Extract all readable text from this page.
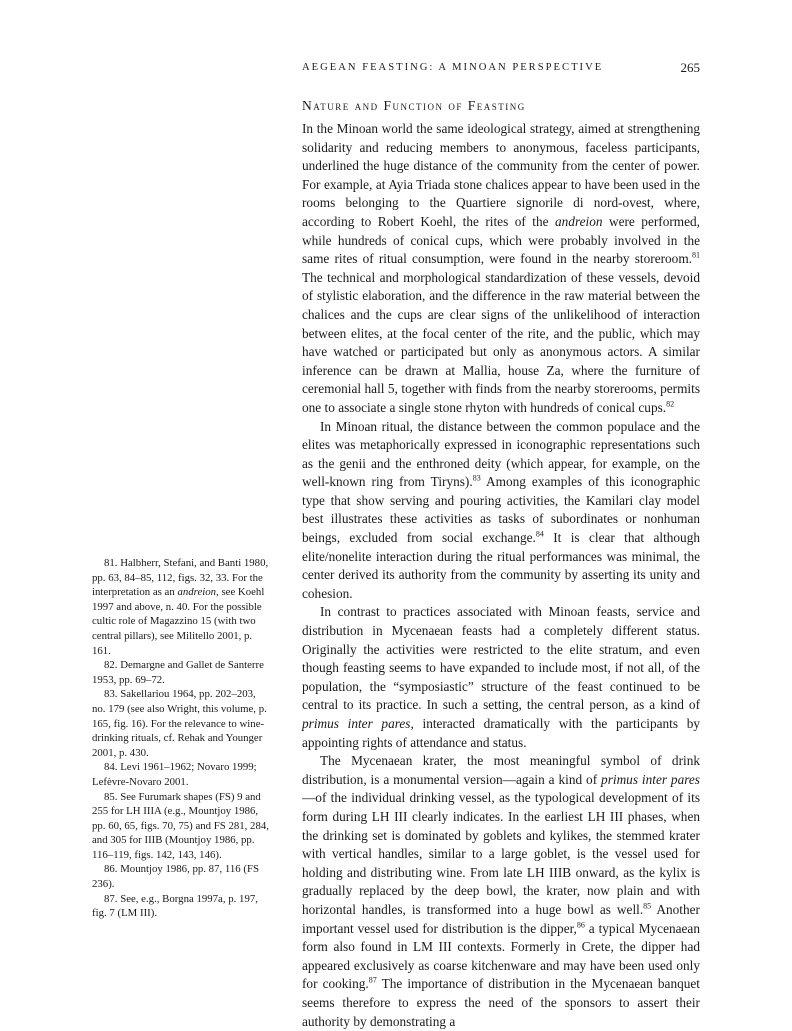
AEGEAN FEASTING: A MINOAN PERSPECTIVE	265
Nature and Function of Feasting

In the Minoan world the same ideological strategy, aimed at strengthening solidarity and reducing members to anonymous, faceless participants, underlined the huge distance of the community from the center of power. For example, at Ayia Triada stone chalices appear to have been used in the rooms belonging to the Quartiere signorile di nord-ovest, where, according to Robert Koehl, the rites of the andreion were performed, while hundreds of conical cups, which were probably involved in the same rites of ritual consumption, were found in the nearby storeroom.$^{81}$ The technical and morphological standardization of these vessels, devoid of stylistic elaboration, and the difference in the raw material between the chalices and the cups are clear signs of the unlikelihood of interaction between elites, at the focal center of the rite, and the public, which may have watched or participated but only as anonymous actors. A similar inference can be drawn at Mallia, house Za, where the furniture of ceremonial hall 5, together with finds from the nearby storerooms, permits one to associate a single stone rhyton with hundreds of conical cups.$^{82}$

In Minoan ritual, the distance between the common populace and the elites was metaphorically expressed in iconographic representations such as the genii and the enthroned deity (which appear, for example, on the well-known ring from Tiryns).$^{83}$ Among examples of this iconographic type that show serving and pouring activities, the Kamilari clay model best illustrates these activities as tasks of subordinates or nonhuman beings, excluded from social exchange.$^{84}$ It is clear that although elite/nonelite interaction during the ritual performances was minimal, the center derived its authority from the community by asserting its unity and cohesion.

In contrast to practices associated with Minoan feasts, service and distribution in Mycenaean feasts had a completely different status. Originally the activities were restricted to the elite stratum, and even though feasting seems to have expanded to include most, if not all, of the population, the “symposiastic” structure of the feast continued to be central to its practice. In such a setting, the central person, as a kind of primus inter pares, interacted dramatically with the participants by appointing rights of attendance and status.

The Mycenaean krater, the most meaningful symbol of drink distribution, is a monumental version—again a kind of primus inter pares—of the individual drinking vessel, as the typological development of its form during LH III clearly indicates. In the earliest LH III phases, when the drinking set is dominated by goblets and kylikes, the stemmed krater with vertical handles, similar to a large goblet, is the vessel used for holding and distributing wine. From late LH IIIB onward, as the kylix is gradually replaced by the deep bowl, the krater, now plain and with horizontal handles, is transformed into a huge bowl as well.$^{85}$ Another important vessel used for distribution is the dipper,$^{86}$ a typical Mycenaean form also found in LM III contexts. Formerly in Crete, the dipper had appeared exclusively as coarse kitchenware and may have been used only for cooking.$^{87}$ The importance of distribution in the Mycenaean banquet seems therefore to express the need of the sponsors to assert their authority by demonstrating a

81. Halbherr, Stefani, and Banti 1980, pp. 63, 84–85, 112, figs. 32, 33. For the interpretation as an andreion, see Koehl 1997 and above, n. 40. For the possible cultic role of Magazzino 15 (with two central pillars), see Militello 2001, p. 161.

82. Demargne and Gallet de Santerre 1953, pp. 69–72.

83. Sakellariou 1964, pp. 202–203, no. 179 (see also Wright, this volume, p. 165, fig. 16). For the relevance to wine-drinking rituals, cf. Rehak and Younger 2001, p. 430.

84. Levi 1961–1962; Novaro 1999; Lefèvre-Novaro 2001.

85. See Furumark shapes (FS) 9 and 255 for LH IIIA (e.g., Mountjoy 1986, pp. 60, 65, figs. 70, 75) and FS 281, 284, and 305 for IIIB (Mountjoy 1986, pp. 116–119, figs. 142, 143, 146).

86. Mountjoy 1986, pp. 87, 116 (FS 236).

87. See, e.g., Borgna 1997a, p. 197, fig. 7 (LM III).
